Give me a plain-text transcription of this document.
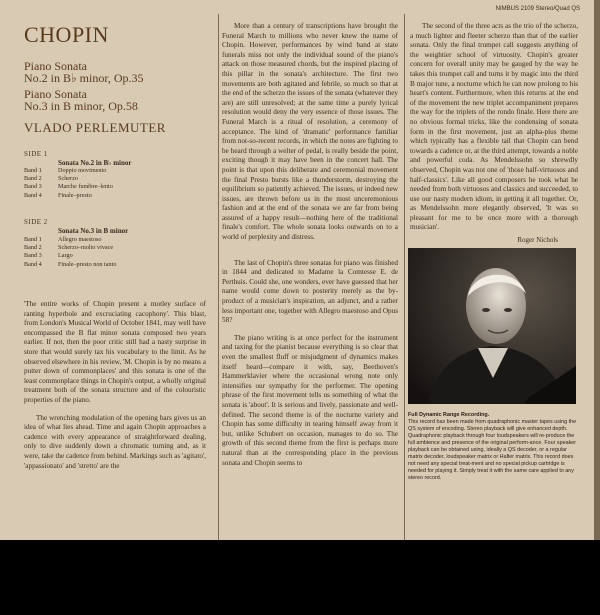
NIMBUS 2109 Stereo/Quad QS
CHOPIN
Piano Sonata
No.2 in B♭ minor, Op.35
Piano Sonata
No.3 in B minor, Op.58
VLADO PERLEMUTER
SIDE 1
Sonata No.2 in B♭ minor
Band 1	Doppio movimento
Band 2	Scherzo
Band 3	Marche funèbre–lento
Band 4	Finale–presto
SIDE 2
Sonata No.3 in B minor
Band 1	Allegro maestoso
Band 2	Scherzo–molto vivace
Band 3	Largo
Band 4	Finale–presto non tanto

'The entire works of Chopin present a motley surface of ranting hyperbole and excruciating cacophony'. This blast, from London's Musical World of October 1841, may well have encompassed the B flat minor sonata composed two years earlier. If not, then the poor critic still had a nasty surprise in store that would surely tax his vocabulary to the limit. As he observed elsewhere in his review, 'M. Chopin is by no means a putter down of commonplaces' and this sonata is one of the least commonplace things in Chopin's output, a wholly original treatment both of the sonata structure and of the colouristic properties of the piano.

The wrenching modulation of the opening bars gives us an idea of what lies ahead. Time and again Chopin approaches a cadence with every appearance of straightforward dealing, only to dive suddenly down a chromatic turning and, as it were, take the cadence from behind. Markings such as 'agitato', 'appassionato' and 'stretto' are the

More than a century of transcriptions have brought the Funeral March to millions who never knew the name of Chopin. However, performances by wind band at state funerals miss not only the individual sound of the piano's attack on those measured chords, but the inspired placing of this pillar in the sonata's architecture. The first two movements are both agitated and febrile, so much so that at the end of the scherzo the issues of the sonata (whatever they are) are still unresolved; at the same time a purely lyrical resolution would deny the very essence of those issues. The Funeral March is a ritual of resolution, a ceremony of acceptance. The kind of 'dramatic' performance familiar from not-so-recent records, in which the notes are fighting to be heard through a welter of pedal, is really beside the point, exciting though it may have been in the concert hall. The point is that upon this deliberate and ceremonial movement the final Presto bursts like a thunderstorm, destroying the equilibrium so patiently achieved. The issues, or indeed new issues, are thrown before us in the most unceremonious fashion and at the end of the sonata we are far from being assured of a happy result—nothing here of the traditional finale's comfort. The whole sonata looks outwards on to a world of perplexity and distress.

The last of Chopin's three sonatas for piano was finished in 1844 and dedicated to Madame la Comtesse E. de Perthuis. Could she, one wonders, ever have guessed that her name would come down to posterity merely as the by-product of a musician's inspiration, an adjunct, and a rather less important one, together with Allegro maestoso and Opus 58?

The piano writing is at once perfect for the instrument and taxing for the pianist because everything is so clear that even the smallest fluff or misjudgment of dynamics makes itself heard—compare it with, say, Beethoven's Hammerklavier where the occasional wrong note only intensifies our sympathy for the performer. The opening phrase of the first movement tells us something of what the sonata is 'about'. It is serious and lively, passionate and well-defined. The second theme is of the nocturne variety and Chopin has some difficulty in tearing himself away from it but, unlike Schubert on occasion, manages to do so. The growth of this second theme from the first is perhaps more natural than at the corresponding place in the previous sonata and Chopin seems to

The second of the three acts as the trio of the scherzo, a much lighter and fleeter scherzo than that of the earlier sonata. Only the final trumpet call suggests anything of the weightier school of virtuosity. Chopin's greater concern for overall unity may be gauged by the way he takes this trumpet call and turns it by magic into the third B major tune, a nocturne which he can now prolong to his heart's content. Furthermore, when this returns at the end of the movement the new triplet accompaniment prepares the way for the triplets of the rondo finale. Here there are no obvious formal tricks, like the condensing of sonata form in the first movement, just an alpha-plus theme which typically has a flexible tail that Chopin can bend towards a cadence or, at the third attempt, towards a noble and powerful coda. As Mendelssohn so shrewdly observed, Chopin was not one of 'those half-virtuosos and half-classics'. Like all good composers he took what he needed from both virtuosos and classics and succeeded, to use our nasty modern idiom, in getting it all together. Or, as Mendelssohn more elegantly observed, 'It was so pleasant for me to be once more with a thorough musician'.

Roger Nichols
Full Dynamic Range Recording.
This record has been made from quadraphonic master tapes using the QS system of encoding. Stereo playback will give enhanced depth.
Quadraphonic playback through four loudspeakers will re-produce the full ambience and presence of the original perform-ance. Four speaker playback can be obtained using, ideally a QS decoder, or a regular matrix decoder, loudspeaker matrix or Hafler matrix. This record does not need any special treat-ment and no special pickup cartridge is needed for playing it. Simply treat it with the same care applied to any stereo record.
